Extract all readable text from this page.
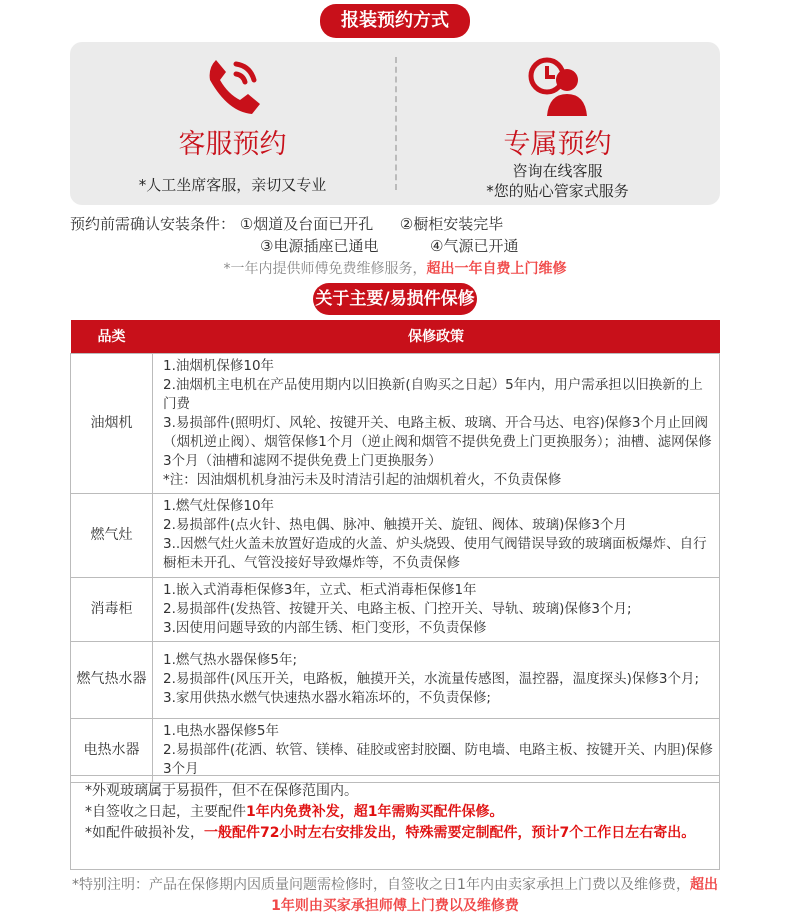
报装预约方式
客服预约
*人工坐席客服，亲切又专业
专属预约
咨询在线客服
*您的贴心管家式服务
预约前需确认安装条件： ①烟道及台面已开孔 ②橱柜安装完毕
③电源插座已通电	④气源已开通
*一年内提供师傅免费维修服务，超出一年自费上门维修
关于主要/易损件保修
品类	保修政策
油烟机	1.油烟机保修10年
2.油烟机主电机在产品使用期内以旧换新(自购买之日起）5年内，用户需承担以旧换新的上门费
3.易损部件(照明灯、风轮、按键开关、电路主板、玻璃、开合马达、电容)保修3个月止回阀（烟机逆止阀）、烟管保修1个月（逆止阀和烟管不提供免费上门更换服务）；油槽、滤网保修3个月（油槽和滤网不提供免费上门更换服务）
*注：因油烟机机身油污未及时清洁引起的油烟机着火，不负责保修

燃气灶	1.燃气灶保修10年
2.易损部件(点火针、热电偶、脉冲、触摸开关、旋钮、阀体、玻璃)保修3个月
3..因燃气灶火盖未放置好造成的火盖、炉头烧毁、使用气阀错误导致的玻璃面板爆炸、自行橱柜未开孔、气管没接好导致爆炸等，不负责保修

消毒柜	1.嵌入式消毒柜保修3年，立式、柜式消毒柜保修1年
2.易损部件(发热管、按键开关、电路主板、门控开关、导轨、玻璃)保修3个月;
3.因使用问题导致的内部生锈、柜门变形，不负责保修

燃气热水器	1.燃气热水器保修5年;
2.易损部件(风压开关，电路板，触摸开关，水流量传感图，温控器，温度探头)保修3个月;
3.家用供热水燃气快速热水器水箱冻坏的，不负责保修;

电热水器	1.电热水器保修5年
2.易损部件(花洒、软管、镁棒、硅胶或密封胶圈、防电墙、电路主板、按键开关、内胆)保修3个月
*外观玻璃属于易损件，但不在保修范围内。
*自签收之日起，主要配件1年内免费补发，超1年需购买配件保修。
*如配件破损补发，一般配件72小时左右安排发出，特殊需要定制配件，预计7个工作日左右寄出。
*特别注明：产品在保修期内因质量问题需检修时，自签收之日1年内由卖家承担上门费以及维修费，超出1年则由买家承担师傅上门费以及维修费
